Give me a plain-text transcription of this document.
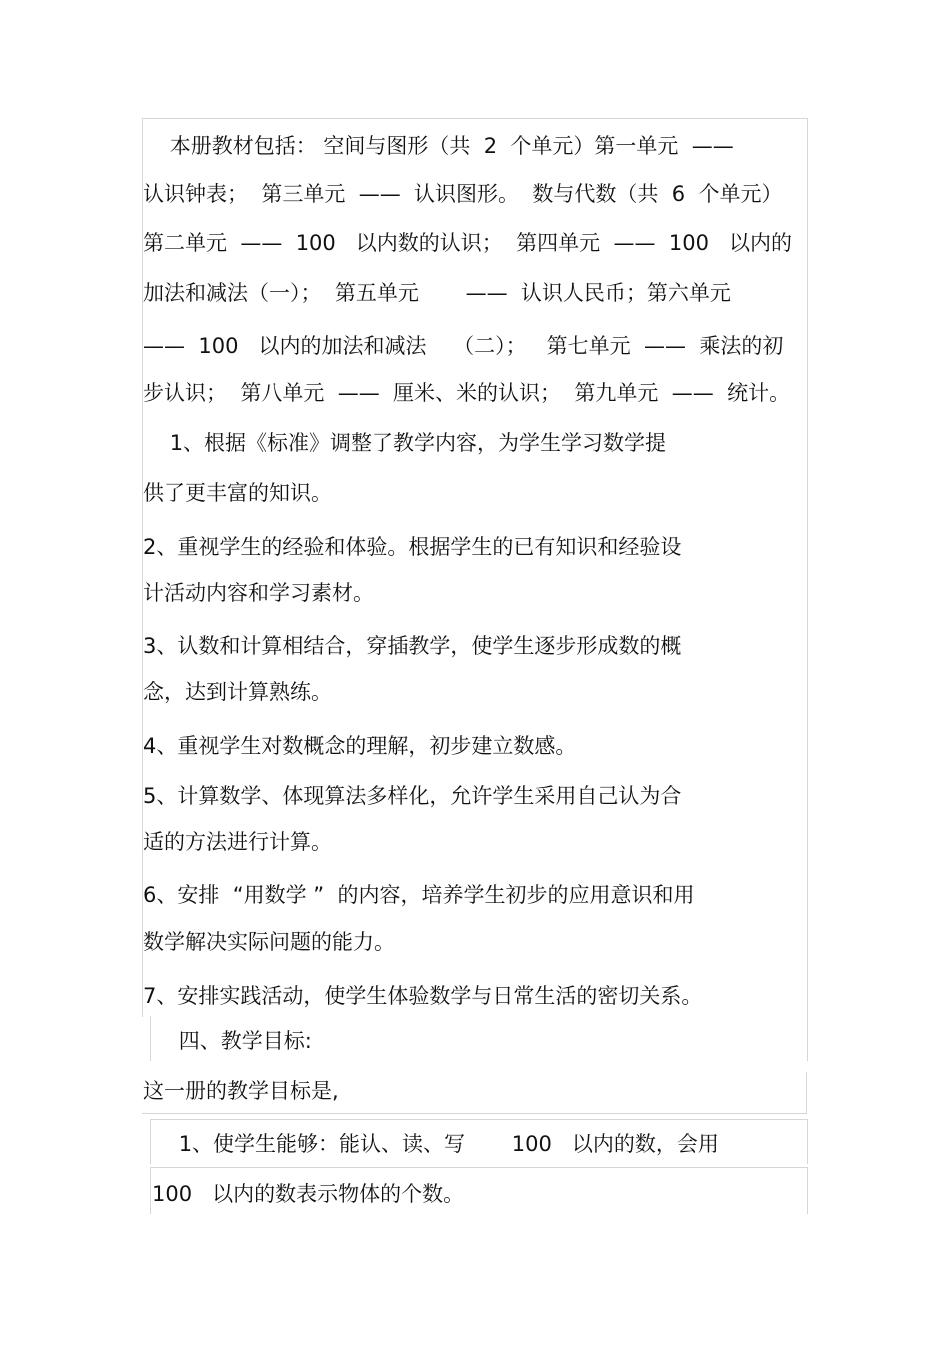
本册教材包括： 空间与图形（共  2  个单元）第一单元  ——
认识钟表；  第三单元  ——  认识图形。  数与代数（共  6  个单元）
第二单元  ——  100   以内数的认识；  第四单元  ——  100   以内的
加法和减法（一）；  第五单元       ——  认识人民币；第六单元
——  100   以内的加法和减法    （二）；   第七单元  ——  乘法的初
步认识；  第八单元  ——  厘米、米的认识；  第九单元  ——  统计。
1、根据《标准》调整了教学内容，为学生学习数学提
供了更丰富的知识。
2、重视学生的经验和体验。根据学生的已有知识和经验设
计活动内容和学习素材。
3、认数和计算相结合，穿插教学，使学生逐步形成数的概
念，达到计算熟练。
4、重视学生对数概念的理解，初步建立数感。
5、计算数学、体现算法多样化，允许学生采用自己认为合
适的方法进行计算。
6、安排  “用数学 ”  的内容，培养学生初步的应用意识和用
数学解决实际问题的能力。
7、安排实践活动，使学生体验数学与日常生活的密切关系。
四、教学目标:
这一册的教学目标是,
1、使学生能够：能认、读、写       100   以内的数，会用
100   以内的数表示物体的个数。
